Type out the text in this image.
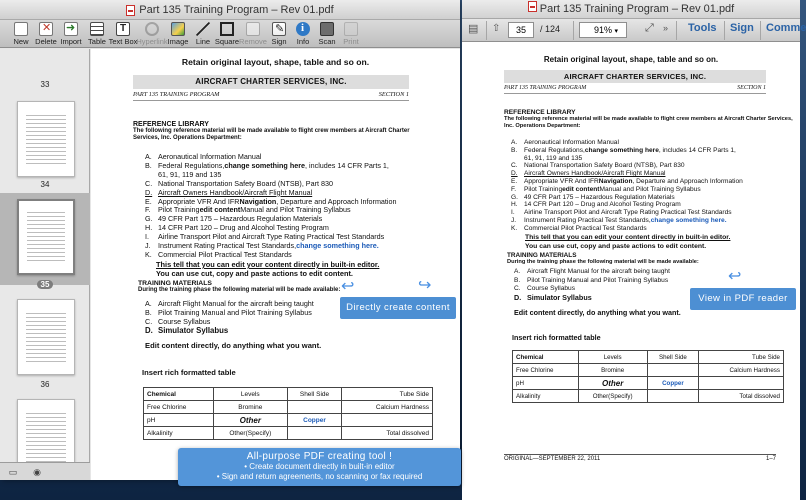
Part 135 Training Program – Rev 01.pdf
New
✕ Delete
➜ Import Table
T Text Box
Hyperlink Image Line Square Remove
✎ Sign
i	Info	Scan	Print
33
34
35
36
▭	◉
Retain original layout, shape, table and so on.
AIRCRAFT CHARTER SERVICES, INC.
PART 135 TRAINING PROGRAM	SECTION 1
REFERENCE LIBRARY
The following reference material will be made available to flight crew members at Aircraft Charter Services, Inc. Operations Department:
A. Aeronautical Information Manual
B. Federal Regulations, change something here , includes 14 CFR Parts 1,
61, 91, 119 and 135
C. National Transportation Safety Board (NTSB), Part 830
D. Aircraft Owners Handbook/Aircraft Flight Manual
E. Appropriate VFR And IFR Navigation , Departure and Approach Information
F.	Pilot Training edit content Manual and Pilot Training Syllabus
G. 49 CFR Part 175 – Hazardous Regulation Materials
H. 14 CFR Part 120 – Drug and Alcohol Testing Program
I.	Airline Transport Pilot and Aircraft Type Rating Practical Test Standards
J.	Instrument Rating Practical Test Standards, change something here.
K. Commercial Pilot Practical Test Standards
This tell that you can edit your content directly in built-in editor.
You can use cut, copy and paste actions to edit content.
TRAINING MATERIALS
During the training phase the following material will be made available:
A. Aircraft Flight Manual for the aircraft being taught
B. Pilot Training Manual and Pilot Training Syllabus
C. Course Syllabus
D. Simulator Syllabus
Edit content directly, do anything what you want.
Insert rich formatted table
Chemical	Levels	Shell Side	Tube Side
Free Chlorine	Bromine		Calcium Hardness
pH	Other	Copper	
Alkalinity	Other(Specify)		Total dissolved
↩	↪
Directly create content
Part 135 Training Program – Rev 01.pdf
▤ ⇧	35	/ 124	91% ▾	⤢ » Tools Sign Comme
Retain original layout, shape, table and so on.
AIRCRAFT CHARTER SERVICES, INC.
PART 135 TRAINING PROGRAM	SECTION 1
REFERENCE LIBRARY
The following reference material will be made available to flight crew members at Aircraft Charter Services, Inc. Operations Department:
A.	Aeronautical Information Manual
B.	Federal Regulations, change something here , includes 14 CFR Parts 1,
61, 91, 119 and 135
C. National Transportation Safety Board (NTSB), Part 830
D. Aircraft Owners Handbook/Aircraft Flight Manual
E.	Appropriate VFR And IFR Navigation , Departure and Approach Information
F.	Pilot Training edit content Manual and Pilot Training Syllabus
G. 49 CFR Part 175 – Hazardous Regulation Materials
H. 14 CFR Part 120 – Drug and Alcohol Testing Program
I.	Airline Transport Pilot and Aircraft Type Rating Practical Test Standards
J.	Instrument Rating Practical Test Standards, change something here.
K.	Commercial Pilot Practical Test Standards
This tell that you can edit your content directly in built-in editor.
You can use cut, copy and paste actions to edit content.
TRAINING MATERIALS
During the training phase the following material will be made available:
A.	Aircraft Flight Manual for the aircraft being taught
B.	Pilot Training Manual and Pilot Training Syllabus
C. Course Syllabus
D. Simulator Syllabus
Edit content directly, do anything what you want.
Insert rich formatted table
Chemical	Levels	Shell Side	Tube Side
Free Chlorine	Bromine		Calcium Hardness
pH	Other	Copper	
Alkalinity	Other(Specify)		Total dissolved
ORIGINAL—SEPTEMBER 22, 2011	1–7
↩
View in PDF reader
All-purpose PDF creating tool !
• Create document directly in built-in editor
• Sign and return agreements, no scanning or fax required
